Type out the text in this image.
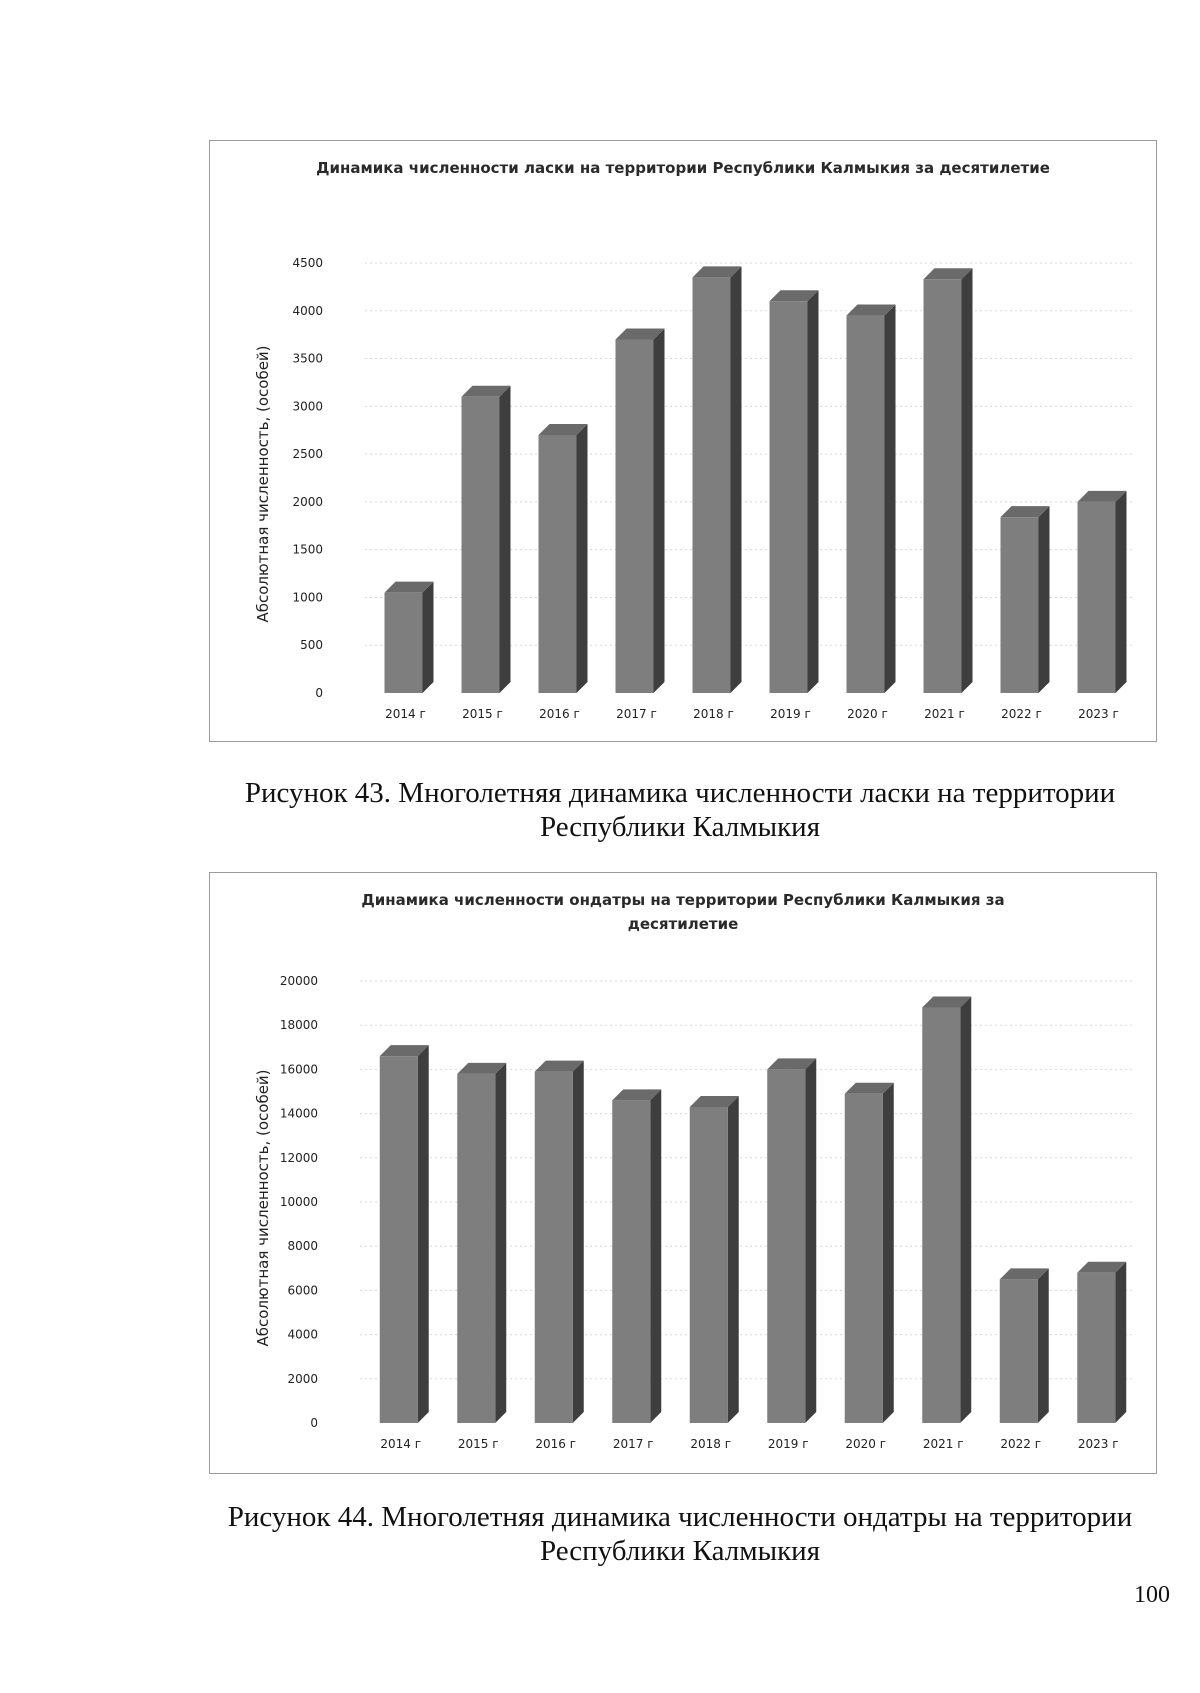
Динамика численности ласки на территории Республики Калмыкия за десятилетие
0
500
1000
1500
2000
2500
3000
3500
4000
4500
Абсолютная численность, (особей)
2014 г	2015 г	2016 г	2017 г	2018 г	2019 г	2020 г	2021 г	2022 г	2023 г
Рисунок 43. Многолетняя динамика численности ласки на территории
Республики Калмыкия
Динамика численности ондатры на территории Республики Калмыкия за
десятилетие
0
2000
4000
6000
8000
10000
12000
14000
16000
18000
20000
Абсолютная численность, (особей)
2014 г	2015 г	2016 г	2017 г	2018 г	2019 г	2020 г	2021 г	2022 г	2023 г
Рисунок 44. Многолетняя динамика численности ондатры на территории
Республики Калмыкия
100
